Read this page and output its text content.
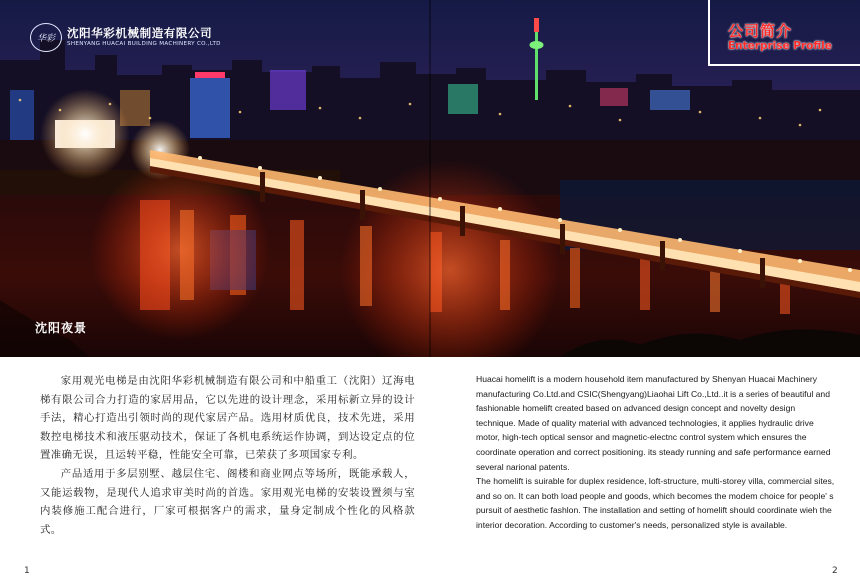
华彩	沈阳华彩机械制造有限公司
SHENYANG HUACAI BUILDING MACHINERY CO.,LTD
公司简介
Enterprise Profile
沈阳夜景

家用观光电梯是由沈阳华彩机械制造有限公司和中船重工（沈阳）辽海电梯有限公司合力打造的家居用品，它以先进的设计理念，采用标新立异的设计手法，精心打造出引领时尚的现代家居产品。选用材质优良，技术先进，采用数控电梯技术和液压驱动技术，保证了各机电系统运作协调，到达设定点的位置准确无误，且运转平稳，性能安全可靠，已荣获了多项国家专利。

产品适用于多层别墅、越层住宅、阁楼和商业网点等场所，既能承载人，又能运载物，是现代人追求审美时尚的首选。家用观光电梯的安装设置须与室内装修施工配合进行，厂家可根据客户的需求，量身定制成个性化的风格款式。

Huacai homelift is a modern household item manufactured by Shenyan Huacai Machinery manufacturing Co.Ltd.and CSIC(Shengyang)Liaohai Lift Co.,Ltd..it is a series of beautiful and fashionable homelift created based on advanced design concept and novelty design technique. Made of quality material with advanced technologies, it applies hydraulic drive motor, high-tech optical sensor and magnetic-electnc control system which ensures the coordinate operation and correct positioning. its steady running and safe performance earned several narional patents.

The homelift is suirable for duplex residence, loft-structure, multi-storey villa, commercial sites, and so on. It can both load people and goods, which becomes the modem choice for people' s pursuit of aesthetic fashlon. The installation and setting of homelift should coordinate wieh the interior decoration. According to customer's needs, personalized style is available.

1	2
